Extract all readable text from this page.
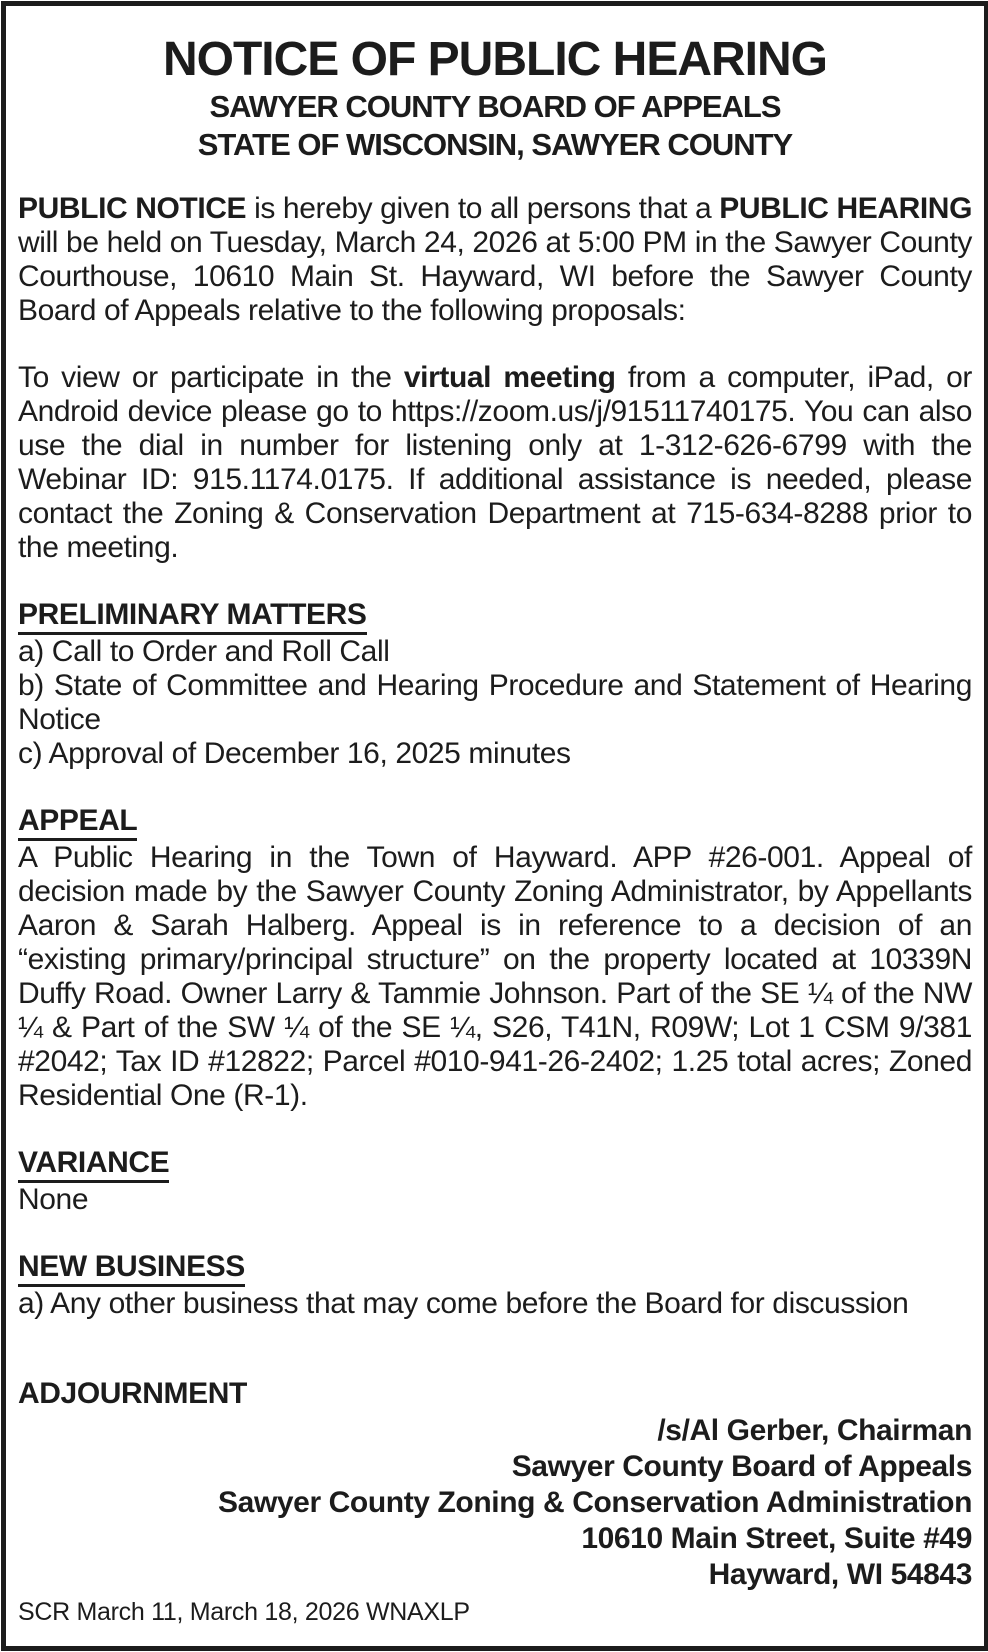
NOTICE OF PUBLIC HEARING
SAWYER COUNTY BOARD OF APPEALS
STATE OF WISCONSIN, SAWYER COUNTY

PUBLIC NOTICE is hereby given to all persons that a PUBLIC HEARING will be held on Tuesday, March 24, 2026 at 5:00 PM in the Sawyer County Courthouse, 10610 Main St. Hayward, WI before the Sawyer County Board of Appeals relative to the following proposals:

To view or participate in the virtual meeting from a computer, iPad, or Android device please go to https://zoom.us/j/91511740175. You can also use the dial in number for listening only at 1-312-626-6799 with the Webinar ID: 915.1174.0175. If additional assistance is needed, please contact the Zoning & Conservation Department at 715-634-8288 prior to the meeting.

PRELIMINARY MATTERS
a) Call to Order and Roll Call
b) State of Committee and Hearing Procedure and Statement of Hearing Notice
c) Approval of December 16, 2025 minutes
APPEAL
A Public Hearing in the Town of Hayward. APP #26-001. Appeal of decision made by the Sawyer County Zoning Administrator, by Appellants Aaron & Sarah Halberg. Appeal is in reference to a decision of an “existing primary/principal structure” on the property located at 10339N Duffy Road. Owner Larry & Tammie Johnson. Part of the SE ¼ of the NW ¼ & Part of the SW ¼ of the SE ¼, S26, T41N, R09W; Lot 1 CSM 9/381 #2042; Tax ID #12822; Parcel #010-941-26-2402; 1.25 total acres; Zoned Residential One (R-1).
VARIANCE
None
NEW BUSINESS
a) Any other business that may come before the Board for discussion
ADJOURNMENT
/s/Al Gerber, Chairman
Sawyer County Board of Appeals
Sawyer County Zoning & Conservation Administration
10610 Main Street, Suite #49
Hayward, WI 54843
SCR March 11, March 18, 2026 WNAXLP
